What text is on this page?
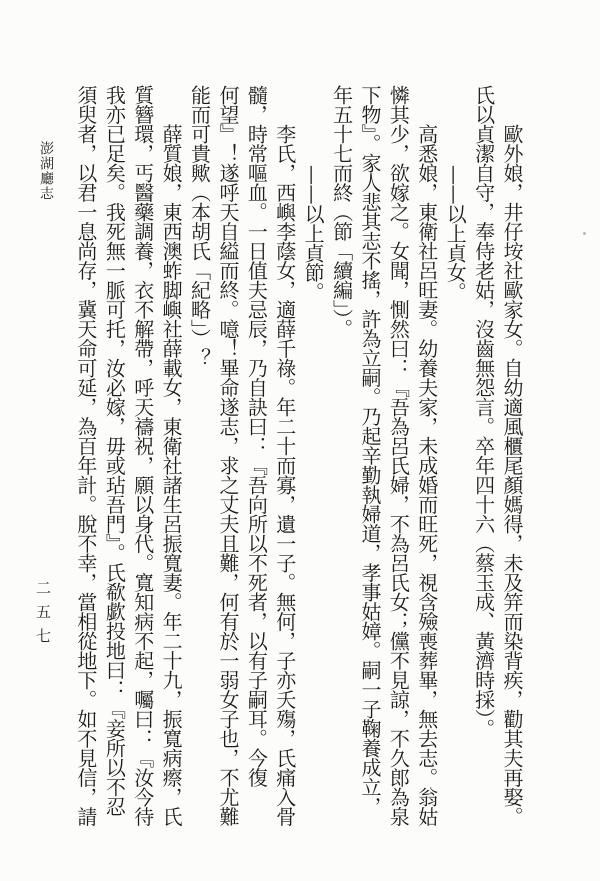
歐外娘，井仔垵社歐家女。自幼適風櫃尾顏媽得，未及笄而染背疾，勸其夫再娶。
氏以貞潔自守，奉侍老姑，沒齒無怨言。卒年四十六（蔡玉成、黃濟時採）。
——以上貞女。
高悉娘，東衛社呂旺妻。幼養夫家，未成婚而旺死，視含殮喪葬畢，無去志。翁姑
憐其少，欲嫁之。女聞，惻然曰：『吾為呂氏婦，不為呂氏女；儻不見諒，不久郎為泉
下物』。家人悲其志不搖，許為立嗣。乃起辛勤執婦道，孝事姑嫜。嗣一子鞠養成立，
年五十七而終（節「續編」）。
——以上貞節。
李氏，西嶼李蔭女，適薛千祿。年二十而寡，遺一子。無何，子亦夭殤，氏痛入骨
髓，時常嘔血。一日值夫忌辰，乃自訣曰：『吾向所以不死者，以有子嗣耳。今復
何望』！遂呼天自縊而終。噫！畢命遂志，求之丈夫且難，何有於一弱女子也，不尤難
能而可貴歟（本胡氏「紀略」）？
薛質娘，東西澳蚱脚嶼社薛載女，東衛社諸生呂振寬妻。年二十九，振寬病瘵，氏
質簪環，丐醫藥調養，衣不解帶，呼天禱祝，願以身代。寬知病不起，囑曰：『汝今待
我亦已足矣。我死無一脈可托，汝必嫁，毋或玷吾門』。氏欷歔投地曰：『妾所以不忍
須臾者，以君一息尚存，冀天命可延，為百年計。脫不幸，當相從地下。如不見信，請
澎湖廳志
二五七
